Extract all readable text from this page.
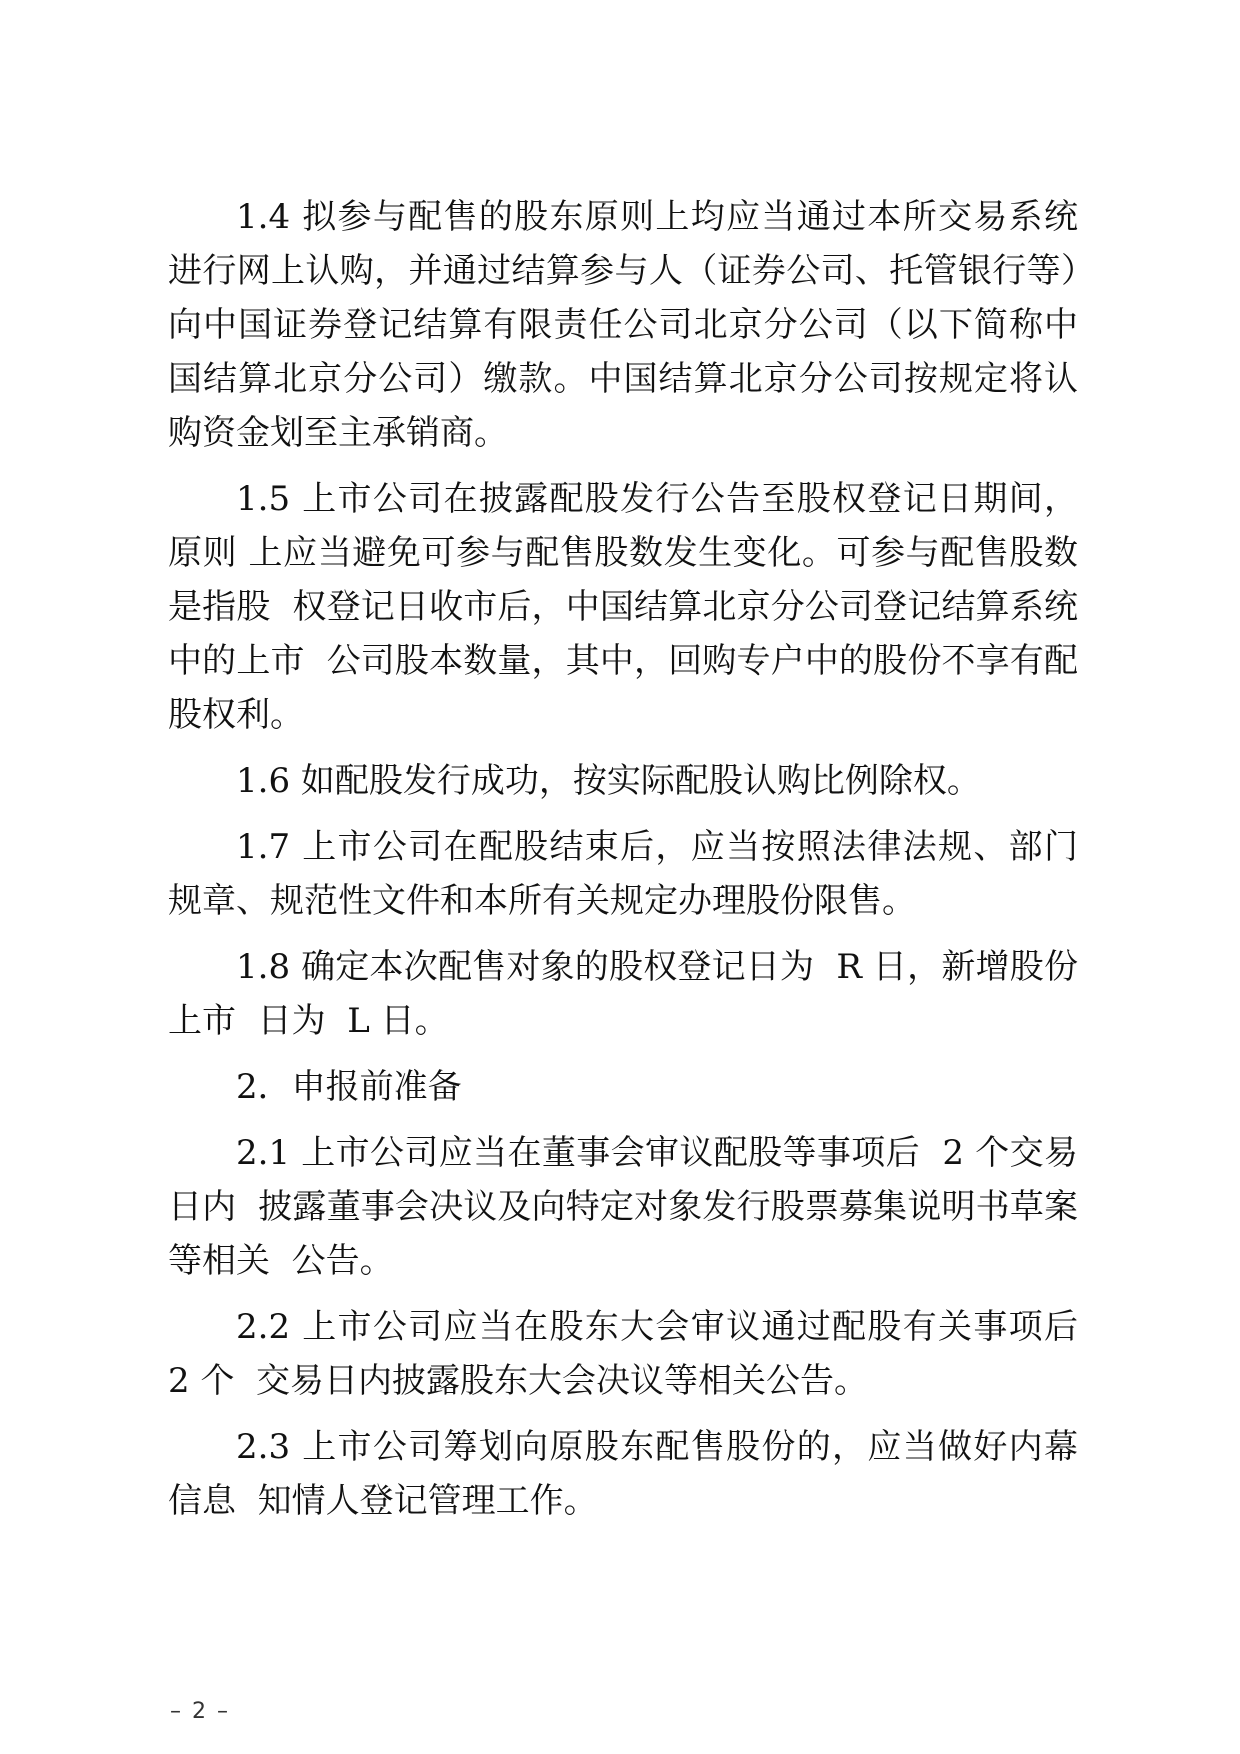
1.4 拟参与配售的股东原则上均应当通过本所交易系统进行网上认购，并通过结算参与人（证券公司、托管银行等）向中国证券登记结算有限责任公司北京分公司（以下简称中国结算北京分公司）缴款。中国结算北京分公司按规定将认购资金划至主承销商。

1.5 上市公司在披露配股发行公告至股权登记日期间，原则 上应当避免可参与配售股数发生变化。可参与配售股数是指股  权登记日收市后，中国结算北京分公司登记结算系统中的上市  公司股本数量，其中，回购专户中的股份不享有配股权利。

1.6 如配股发行成功，按实际配股认购比例除权。

1.7 上市公司在配股结束后，应当按照法律法规、部门规章、规范性文件和本所有关规定办理股份限售。

1.8 确定本次配售对象的股权登记日为  R 日，新增股份上市  日为  L 日。

2．申报前准备

2.1 上市公司应当在董事会审议配股等事项后  2 个交易日内  披露董事会决议及向特定对象发行股票募集说明书草案等相关  公告。

2.2 上市公司应当在股东大会审议通过配股有关事项后  2 个  交易日内披露股东大会决议等相关公告。

2.3 上市公司筹划向原股东配售股份的，应当做好内幕信息  知情人登记管理工作。

– 2 –
